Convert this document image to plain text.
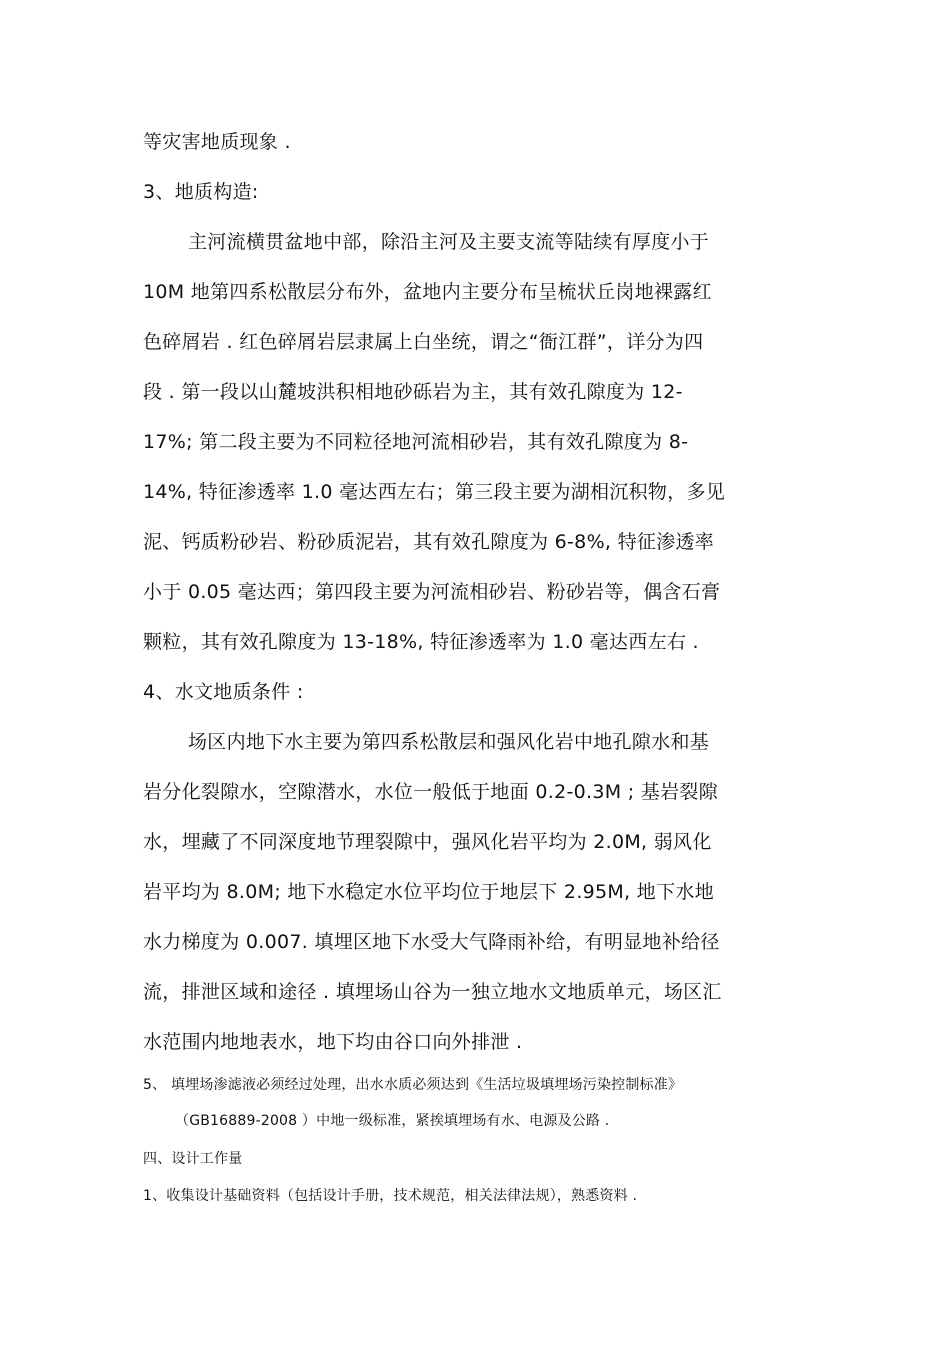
等灾害地质现象 .
3、地质构造:
主河流横贯盆地中部，除沿主河及主要支流等陆续有厚度小于
10M 地第四系松散层分布外，盆地内主要分布呈梳状丘岗地裸露红
色碎屑岩 . 红色碎屑岩层隶属上白坐统，谓之“衙江群”，详分为四
段 . 第一段以山麓坡洪积相地砂砾岩为主，其有效孔隙度为 12-
17%; 第二段主要为不同粒径地河流相砂岩，其有效孔隙度为 8-
14%, 特征渗透率 1.0 毫达西左右；第三段主要为湖相沉积物，多见
泥、钙质粉砂岩、粉砂质泥岩，其有效孔隙度为 6-8%, 特征渗透率
小于 0.05 毫达西；第四段主要为河流相砂岩、粉砂岩等，偶含石膏
颗粒，其有效孔隙度为 13-18%, 特征渗透率为 1.0 毫达西左右 .
4、水文地质条件 :
场区内地下水主要为第四系松散层和强风化岩中地孔隙水和基
岩分化裂隙水，空隙潜水，水位一般低于地面 0.2-0.3M ; 基岩裂隙
水，埋藏了不同深度地节理裂隙中，强风化岩平均为 2.0M, 弱风化
岩平均为 8.0M; 地下水稳定水位平均位于地层下 2.95M, 地下水地
水力梯度为 0.007. 填埋区地下水受大气降雨补给，有明显地补给径
流，排泄区域和途径 . 填埋场山谷为一独立地水文地质单元，场区汇
水范围内地地表水，地下均由谷口向外排泄 .
5、 填埋场渗滤液必须经过处理，出水水质必须达到《生活垃圾填埋场污染控制标准》
（GB16889-2008 ）中地一级标准，紧挨填埋场有水、电源及公路 .
四、设计工作量
1、收集设计基础资料（包括设计手册，技术规范，相关法律法规），熟悉资料 .
